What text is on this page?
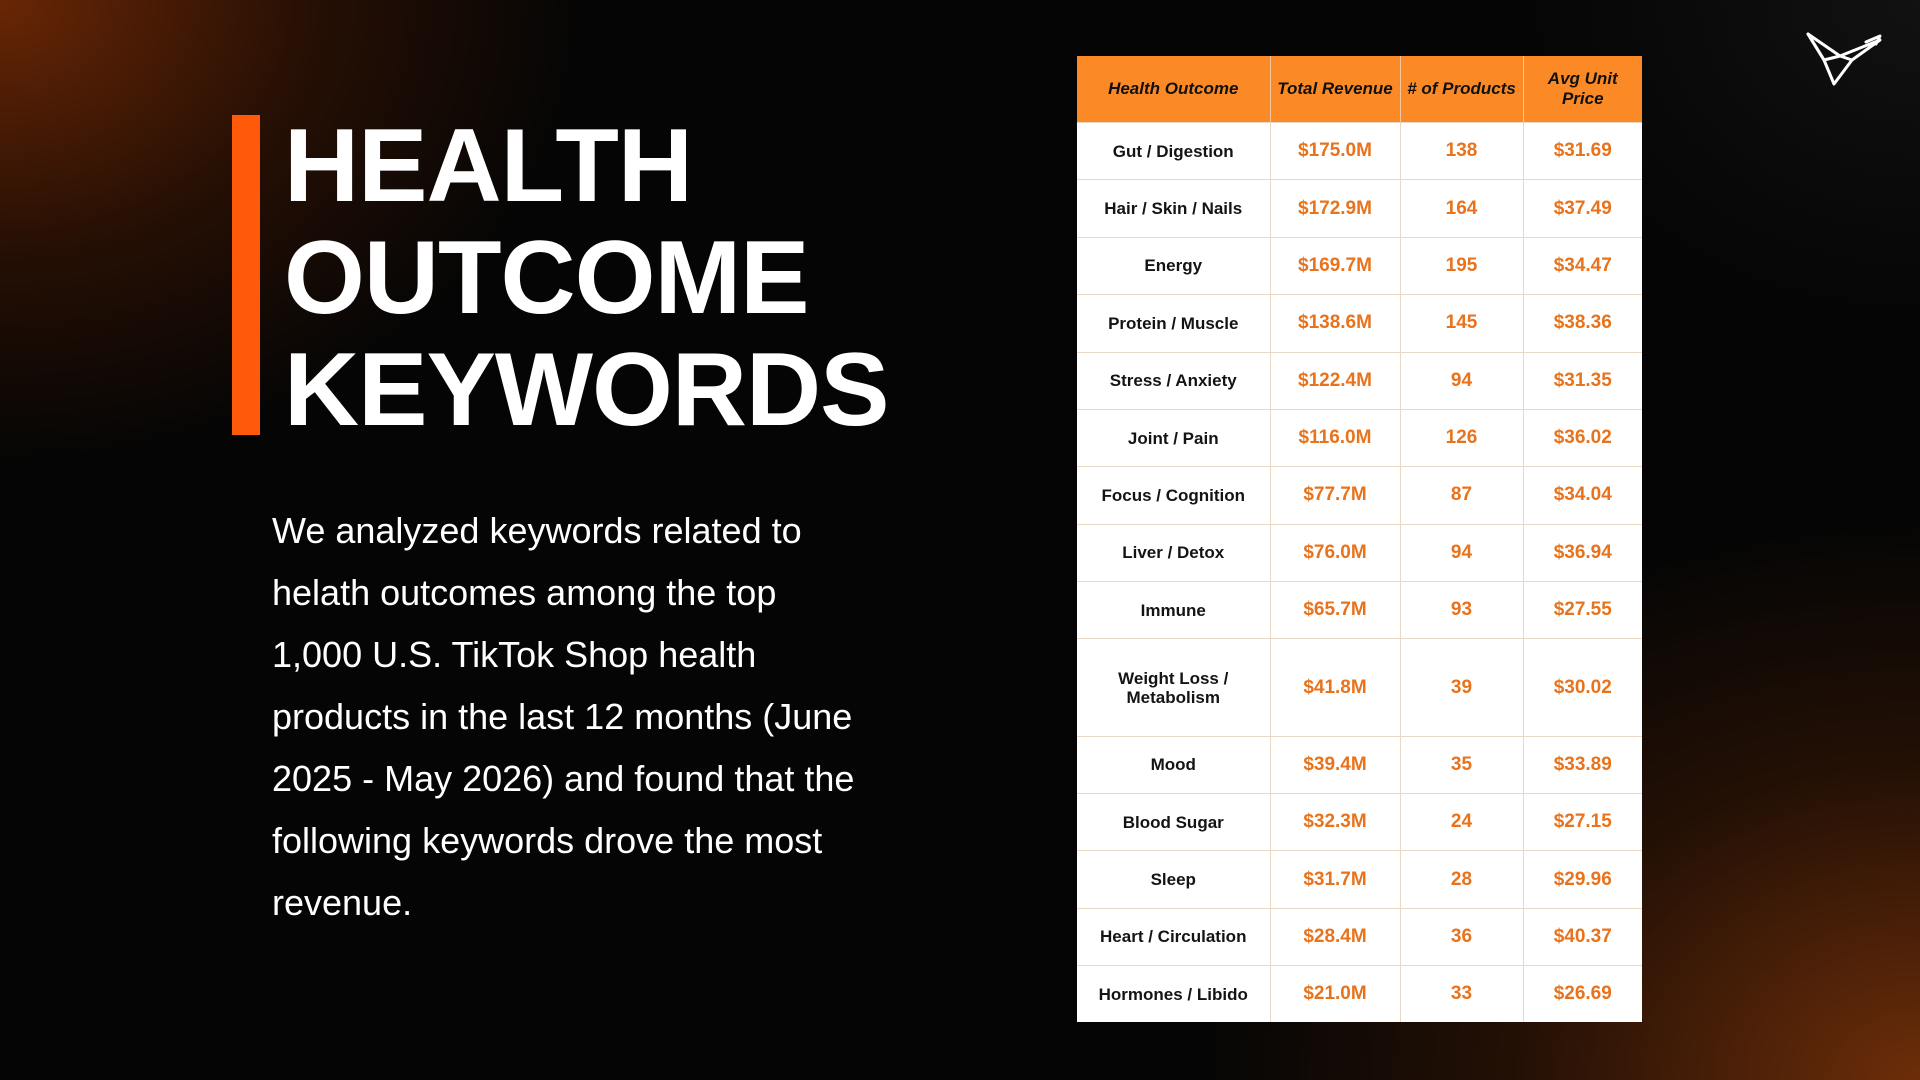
HEALTH
OUTCOME
KEYWORDS

We analyzed keywords related to helath outcomes among the top 1,000 U.S. TikTok Shop health products in the last 12 months (June 2025 - May 2026) and found that the following keywords drove the most revenue.

Health Outcome	Total Revenue	# of Products	Avg Unit Price
Gut / Digestion	$175.0M	138	$31.69
Hair / Skin / Nails	$172.9M	164	$37.49
Energy	$169.7M	195	$34.47
Protein / Muscle	$138.6M	145	$38.36
Stress / Anxiety	$122.4M	94	$31.35
Joint / Pain	$116.0M	126	$36.02
Focus / Cognition	$77.7M	87	$34.04
Liver / Detox	$76.0M	94	$36.94
Immune	$65.7M	93	$27.55
Weight Loss / Metabolism	$41.8M	39	$30.02
Mood	$39.4M	35	$33.89
Blood Sugar	$32.3M	24	$27.15
Sleep	$31.7M	28	$29.96
Heart / Circulation	$28.4M	36	$40.37
Hormones / Libido	$21.0M	33	$26.69
